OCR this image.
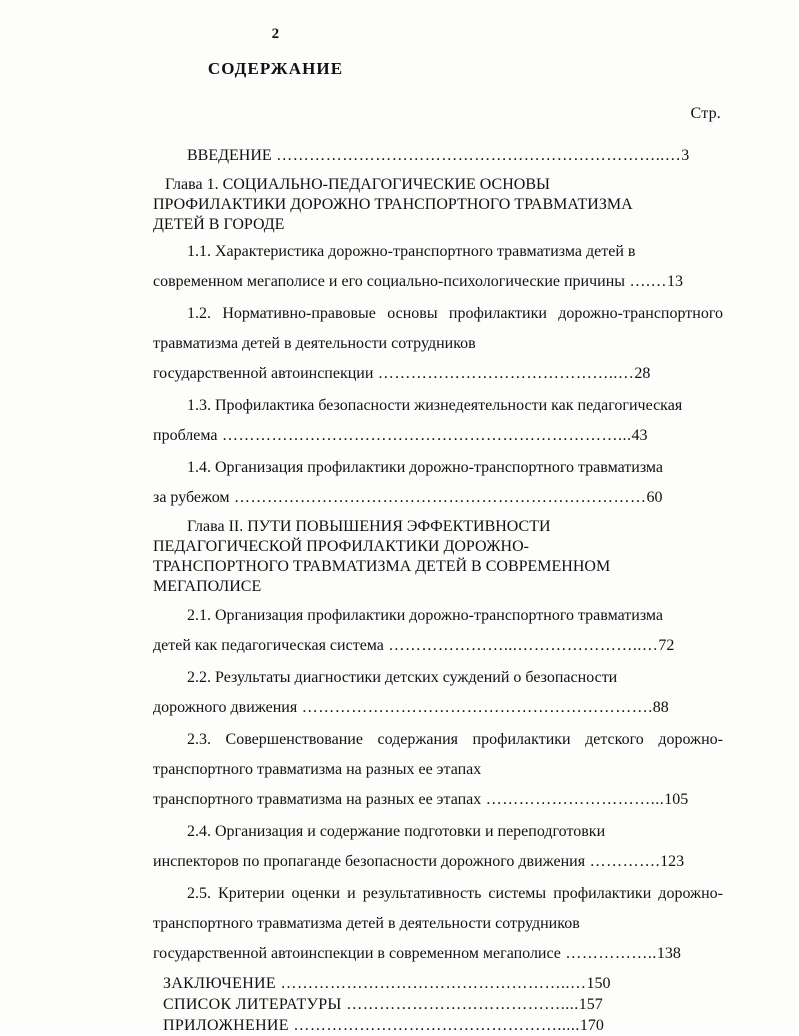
2
СОДЕРЖАНИЕ
Стр.
ВВЕДЕНИЕ ……………………………………………………………..…3
Глава 1. СОЦИАЛЬНО-ПЕДАГОГИЧЕСКИЕ ОСНОВЫ
ПРОФИЛАКТИКИ ДОРОЖНО ТРАНСПОРТНОГО ТРАВМАТИЗМА
ДЕТЕЙ В ГОРОДЕ
1.1. Характеристика дорожно-транспортного травматизма детей в
современном мегаполисе и его социально-психологические причины ….…13
1.2. Нормативно-правовые основы профилактики дорожно-транспортного травматизма детей в деятельности сотрудников
государственной автоинспекции ……………………………………..…28
1.3. Профилактика безопасности жизнедеятельности как педагогическая
проблема ………………………………………………………………...43
1.4. Организация профилактики дорожно-транспортного травматизма
за рубежом …………………………………………………………………60
Глава II. ПУТИ ПОВЫШЕНИЯ ЭФФЕКТИВНОСТИ
ПЕДАГОГИЧЕСКОЙ ПРОФИЛАКТИКИ ДОРОЖНО-
ТРАНСПОРТНОГО ТРАВМАТИЗМА ДЕТЕЙ В СОВРЕМЕННОМ

МЕГАПОЛИСЕ
2.1. Организация профилактики дорожно-транспортного травматизма
детей как педагогическая система …………………...…………………..…72
2.2. Результаты диагностики детских суждений о безопасности
дорожного движения ……………………………………………………….88
2.3. Совершенствование содержания профилактики детского дорожно-транспортного травматизма на разных ее этапах
транспортного травматизма на разных ее этапах …………………………...105
2.4. Организация и содержание подготовки и переподготовки
инспекторов по пропаганде безопасности дорожного движения ………….123
2.5. Критерии оценки и результативность системы профилактики дорожно-транспортного травматизма детей в деятельности сотрудников
государственной автоинспекции в современном мегаполисе ……………..138
ЗАКЛЮЧЕНИЕ ……………………………………………..…150
СПИСОК ЛИТЕРАТУРЫ …………………………………....157
ПРИЛОЖНЕНИЕ ………………………………………….....170
